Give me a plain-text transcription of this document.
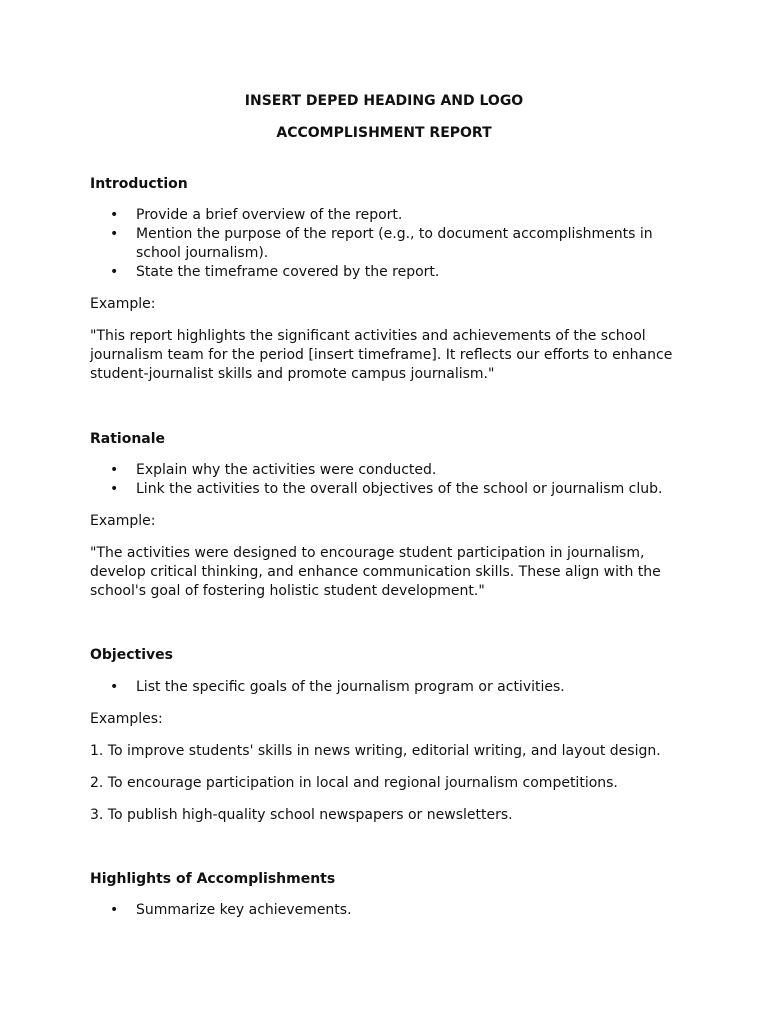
INSERT DEPED HEADING AND LOGO
ACCOMPLISHMENT REPORT
Introduction
•	Provide a brief overview of the report.
•	Mention the purpose of the report (e.g., to document accomplishments in school journalism).
•	State the timeframe covered by the report.
Example:
"This report highlights the significant activities and achievements of the school journalism team for the period [insert timeframe]. It reflects our efforts to enhance student-journalist skills and promote campus journalism."
Rationale
•	Explain why the activities were conducted.
•	Link the activities to the overall objectives of the school or journalism club.
Example:
"The activities were designed to encourage student participation in journalism, develop critical thinking, and enhance communication skills. These align with the school's goal of fostering holistic student development."
Objectives
•	List the specific goals of the journalism program or activities.
Examples:
1. To improve students' skills in news writing, editorial writing, and layout design.
2. To encourage participation in local and regional journalism competitions.
3. To publish high-quality school newspapers or newsletters.
Highlights of Accomplishments
•	Summarize key achievements.
